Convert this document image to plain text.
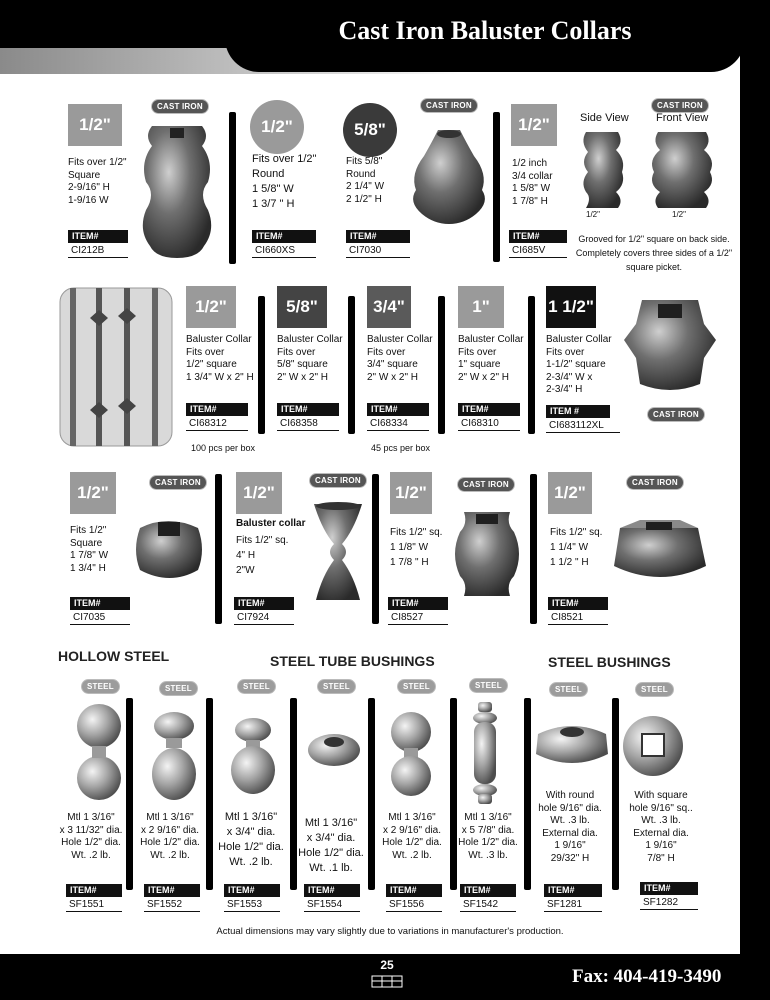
Cast Iron Baluster Collars
1/2"
CAST IRON
Fits over 1/2"
Square
2-9/16" H
1-9/16 W
ITEM#
CI212B
1/2"
Fits over 1/2"
Round
1 5/8" W
1 3/7 " H
ITEM#
CI660XS
5/8"
CAST IRON
Fits 5/8"
Round
2 1/4" W
2 1/2" H
ITEM#
CI7030
1/2"	Side View Front View
CAST IRON
1/2"	1/2"
1/2 inch
3/4 collar
1 5/8" W
1 7/8" H
ITEM#
CI685V
Grooved for 1/2" square on back side.
Completely covers three sides of a 1/2"
square picket.
1/2"
Baluster Collar
Fits over
1/2" square
1 3/4" W x 2" H
ITEM#
CI68312
100 pcs per box
5/8"
Baluster Collar
Fits over
5/8" square
2" W x 2" H
ITEM#
CI68358
3/4"
Baluster Collar
Fits over
3/4" square
2" W x 2" H
ITEM#
CI68334
45 pcs per box
1"
Baluster Collar
Fits over
1" square
2" W x 2" H
ITEM#
CI68310
1 1/2"
Baluster Collar
Fits over
1-1/2" square
2-3/4" W x
2-3/4" H
ITEM #
CI683112XL
CAST IRON
1/2"
CAST IRON
Fits 1/2"
Square
1 7/8" W
1 3/4" H
ITEM#
CI7035
1/2"
CAST IRON
Baluster collar
Fits 1/2" sq.
4" H
2"W
ITEM#
CI7924
1/2"	CAST IRON
Fits 1/2" sq.
1 1/8" W
1 7/8 " H
ITEM#
CI8527
1/2"
CAST IRON
Fits 1/2" sq.
1 1/4" W
1 1/2 " H
ITEM#
CI8521
HOLLOW STEEL	STEEL TUBE BUSHINGS	STEEL BUSHINGS
STEEL	STEEL	STEEL	STEEL	STEEL	STEEL	STEEL	STEEL
Mtl 1 3/16"
x 3 11/32" dia.
Hole 1/2" dia.
Wt. .2 lb.
Mtl 1 3/16"
x 2 9/16" dia.
Hole 1/2" dia.
Wt. .2 lb.
Mtl 1 3/16"
x 3/4" dia.
Hole 1/2" dia.
Wt. .2 lb.
Mtl 1 3/16"
x 3/4" dia.
Hole 1/2" dia.
Wt. .1 lb.
Mtl 1 3/16"
x 2 9/16" dia.
Hole 1/2" dia.
Wt. .2 lb.
Mtl 1 3/16"
x 5 7/8" dia.
Hole 1/2" dia.
Wt. .3 lb.
With round
hole 9/16" dia.
Wt. .3 lb.
External dia.
1 9/16"
29/32" H
With square
hole 9/16" sq..
Wt. .3 lb.
External dia.
1 9/16"
7/8" H
ITEM#
SF1551
ITEM#
SF1552
ITEM#
SF1553
ITEM#
SF1554
ITEM#
SF1556
ITEM#
SF1542
ITEM#
SF1281
ITEM#
SF1282
Actual dimensions may vary slightly due to variations in manufacturer's production.
25
Fax: 404-419-3490
